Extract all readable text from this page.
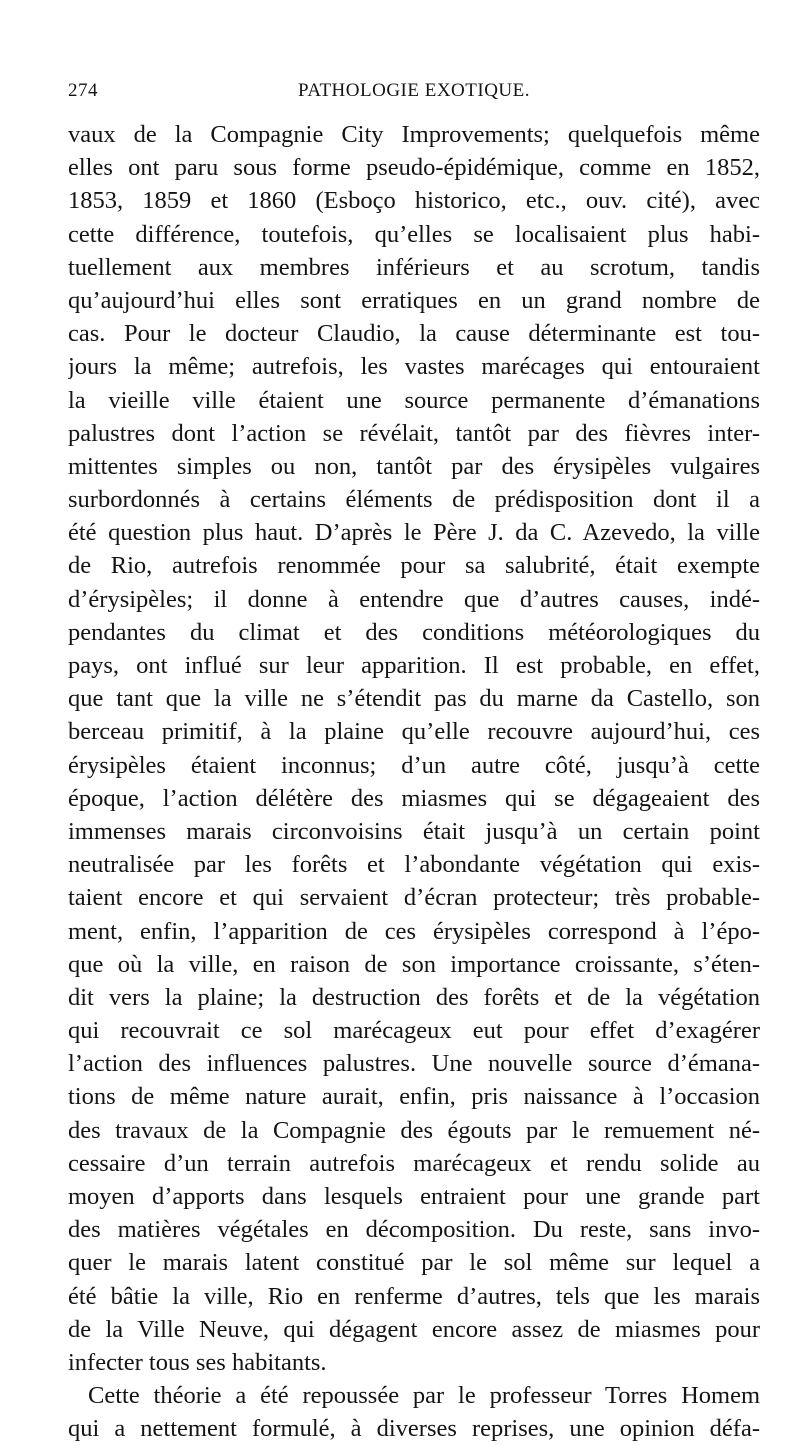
274	PATHOLOGIE EXOTIQUE.
vaux de la Compagnie City Improvements; quelquefois même
elles ont paru sous forme pseudo-épidémique, comme en 1852,
1853, 1859 et 1860 (Esboço historico, etc., ouv. cité), avec
cette différence, toutefois, qu’elles se localisaient plus habi-
tuellement aux membres inférieurs et au scrotum, tandis
qu’aujourd’hui elles sont erratiques en un grand nombre de
cas. Pour le docteur Claudio, la cause déterminante est tou-
jours la même; autrefois, les vastes marécages qui entouraient
la vieille ville étaient une source permanente d’émanations
palustres dont l’action se révélait, tantôt par des fièvres inter-
mittentes simples ou non, tantôt par des érysipèles vulgaires
surbordonnés à certains éléments de prédisposition dont il a
été question plus haut. D’après le Père J. da C. Azevedo, la ville
de Rio, autrefois renommée pour sa salubrité, était exempte
d’érysipèles; il donne à entendre que d’autres causes, indé-
pendantes du climat et des conditions météorologiques du
pays, ont influé sur leur apparition. Il est probable, en effet,
que tant que la ville ne s’étendit pas du marne da Castello, son
berceau primitif, à la plaine qu’elle recouvre aujourd’hui, ces
érysipèles étaient inconnus; d’un autre côté, jusqu’à cette
époque, l’action délétère des miasmes qui se dégageaient des
immenses marais circonvoisins était jusqu’à un certain point
neutralisée par les forêts et l’abondante végétation qui exis-
taient encore et qui servaient d’écran protecteur; très probable-
ment, enfin, l’apparition de ces érysipèles correspond à l’épo-
que où la ville, en raison de son importance croissante, s’éten-
dit vers la plaine; la destruction des forêts et de la végétation
qui recouvrait ce sol marécageux eut pour effet d’exagérer
l’action des influences palustres. Une nouvelle source d’émana-
tions de même nature aurait, enfin, pris naissance à l’occasion
des travaux de la Compagnie des égouts par le remuement né-
cessaire d’un terrain autrefois marécageux et rendu solide au
moyen d’apports dans lesquels entraient pour une grande part
des matières végétales en décomposition. Du reste, sans invo-
quer le marais latent constitué par le sol même sur lequel a
été bâtie la ville, Rio en renferme d’autres, tels que les marais
de la Ville Neuve, qui dégagent encore assez de miasmes pour
infecter tous ses habitants.
Cette théorie a été repoussée par le professeur Torres Homem
qui a nettement formulé, à diverses reprises, une opinion défa-
